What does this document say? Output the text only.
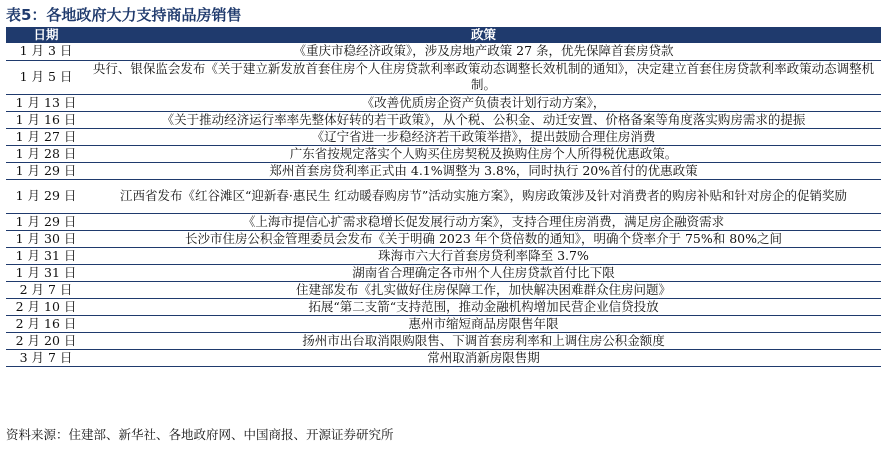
表5：各地政府大力支持商品房销售
日期	政策
1 月 3 日	《重庆市稳经济政策》，涉及房地产政策 27 条，优先保障首套房贷款
1 月 5 日	央行、银保监会发布《关于建立新发放首套住房个人住房贷款利率政策动态调整长效机制的通知》，决定建立首套住房贷款利率政策动态调整机制。
1 月 13 日	《改善优质房企资产负债表计划行动方案》，
1 月 16 日	《关于推动经济运行率率先整体好转的若干政策》，从个税、公积金、动迁安置、价格备案等角度落实购房需求的提振
1 月 27 日	《辽宁省进一步稳经济若干政策举措》，提出鼓励合理住房消费
1 月 28 日	广东省按规定落实个人购买住房契税及换购住房个人所得税优惠政策。
1 月 29 日	郑州首套房贷利率正式由 4.1%调整为 3.8%，同时执行 20%首付的优惠政策
1 月 29 日	江西省发布《红谷滩区“迎新春·惠民生 红动暖春购房节”活动实施方案》，购房政策涉及针对消费者的购房补贴和针对房企的促销奖励
1 月 29 日	《上海市提信心扩需求稳增长促发展行动方案》，支持合理住房消费，满足房企融资需求
1 月 30 日	长沙市住房公积金管理委员会发布《关于明确 2023 年个贷倍数的通知》，明确个贷率介于 75%和 80%之间
1 月 31 日	珠海市六大行首套房贷利率降至 3.7%
1 月 31 日	湖南省合理确定各市州个人住房贷款首付比下限
2 月 7 日	住建部发布《扎实做好住房保障工作，加快解决困难群众住房问题》
2 月 10 日	拓展“第二支箭“支持范围，推动金融机构增加民营企业信贷投放
2 月 16 日	惠州市缩短商品房限售年限
2 月 20 日	扬州市出台取消限购限售、下调首套房利率和上调住房公积金额度
3 月 7 日	常州取消新房限售期
资料来源：住建部、新华社、各地政府网、中国商报、开源证券研究所
